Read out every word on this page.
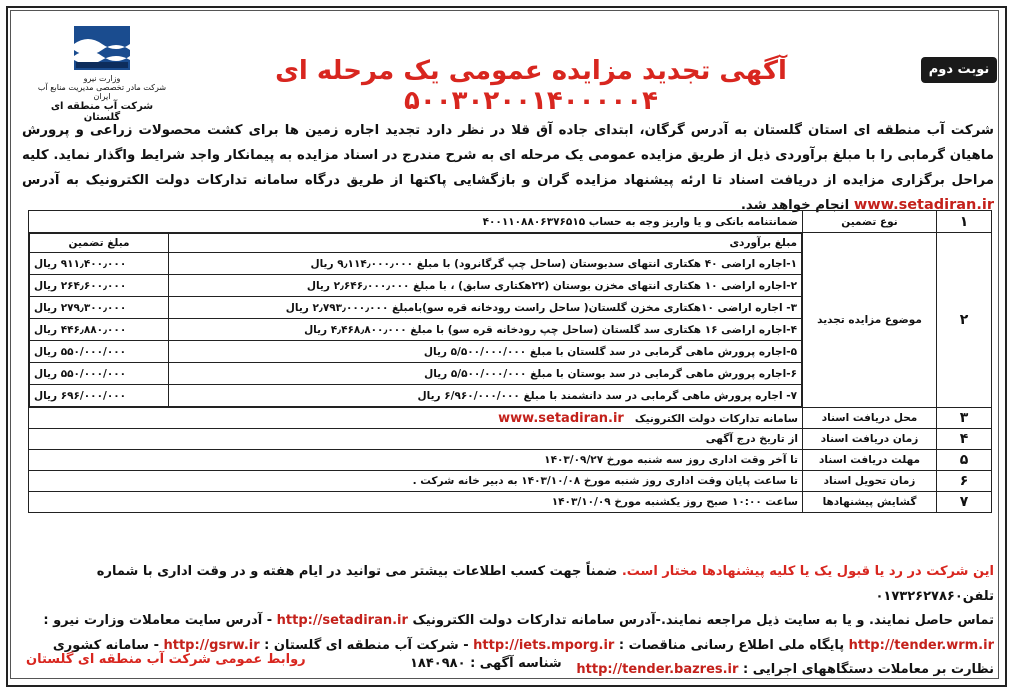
وزارت نیرو
شرکت مادر تخصصی مدیریت منابع آب ایران
شرکت آب منطقه ای گلستان
آگهی تجدید مزایده عمومی یک مرحله ای ۵۰۰۳۰۲۰۰۱۴۰۰۰۰۰۴
نوبت دوم
شرکت آب منطقه ای استان گلستان به آدرس گرگان، ابتدای جاده آق قلا در نظر دارد تجدید اجاره زمین ها برای کشت محصولات زراعی و پرورش ماهیان گرمابی را با مبلغ برآوردی ذیل از طریق مزایده عمومی یک مرحله ای به شرح مندرج در اسناد مزایده به پیمانکار واجد شرایط واگذار نماید. کلیه مراحل برگزاری مزایده از دریافت اسناد تا ارئه پیشنهاد مزایده گران و بازگشایی پاکتها از طریق درگاه سامانه تدارکات دولت الکترونیک به آدرس www.setadiran.ir انجام خواهد شد.
۱	نوع تضمین	ضمانتنامه بانکی و یا واریز وجه به حساب ۴۰۰۱۱۰۸۸۰۶۳۷۶۵۱۵
۲	موضوع مزایده تجدید	
مبلغ برآوردی	مبلغ تضمین
۱-اجاره اراضی ۴۰ هکتاری انتهای سدبوستان (ساحل چپ گرگانرود) با مبلغ ۹٫۱۱۴٫۰۰۰٫۰۰۰ ریال	۹۱۱٫۴۰۰٫۰۰۰ ریال
۲-اجاره اراضی ۱۰ هکتاری انتهای مخزن بوستان (۲۲هکتاری سابق) ، با مبلغ ۲٫۶۴۶٫۰۰۰٫۰۰۰ ریال	۲۶۴٫۶۰۰٫۰۰۰ ریال
۳- اجاره اراضی ۱۰هکتاری مخزن گلستان( ساحل راست رودخانه قره سو)بامبلغ ۲٫۷۹۳٫۰۰۰٫۰۰۰ ریال	۲۷۹٫۳۰۰٫۰۰۰ ریال
۴-اجاره اراضی ۱۶ هکتاری سد گلستان (ساحل چپ رودخانه قره سو) با مبلغ ۴٫۴۶۸٫۸۰۰٫۰۰۰ ریال	۴۴۶٫۸۸۰٫۰۰۰ ریال
۵-اجاره پرورش ماهی گرمابی در سد گلستان با مبلغ ۵/۵۰۰/۰۰۰/۰۰۰ ریال	۵۵۰/۰۰۰/۰۰۰ ریال
۶-اجاره پرورش ماهی گرمابی در سد بوستان با مبلغ ۵/۵۰۰/۰۰۰/۰۰۰ ریال	۵۵۰/۰۰۰/۰۰۰ ریال
۷- اجاره پرورش ماهی گرمابی در سد دانشمند با مبلغ ۶/۹۶۰/۰۰۰/۰۰۰ ریال	۶۹۶/۰۰۰/۰۰۰ ریال

۳	محل دریافت اسناد	سامانه تدارکات دولت الکترونیک   www.setadiran.ir
۴	زمان دریافت اسناد	از تاریخ درج آگهی
۵	مهلت دریافت اسناد	تا آخر وقت اداری روز سه شنبه مورخ ۱۴۰۳/۰۹/۲۷
۶	زمان تحویل اسناد	تا ساعت پایان وقت اداری روز شنبه مورخ ۱۴۰۳/۱۰/۰۸ به دبیر خانه شرکت .
۷	گشایش پیشنهادها	ساعت ۱۰:۰۰ صبح روز یکشنبه مورخ ۱۴۰۳/۱۰/۰۹
این شرکت در رد یا قبول یک یا کلیه پیشنهادها مختار است. ضمناً جهت کسب اطلاعات بیشتر می توانید در ایام هفته و در وقت اداری با شماره تلفن۰۱۷۳۲۶۲۷۸۶۰
تماس حاصل نمایند. و یا به سایت ذیل مراجعه نمایند.-آدرس سامانه تدارکات دولت الکترونیک http://setadiran.ir - آدرس سایت معاملات وزارت نیرو :
http://tender.wrm.ir پایگاه ملی اطلاع رسانی مناقصات : http://iets.mporg.ir - شرکت آب منطقه ای گلستان : http://gsrw.ir - سامانه کشوری
نظارت بر معاملات دستگاههای اجرایی : http://tender.bazres.ir
شناسه آگهی : ۱۸۴۰۹۸۰
روابط عمومی شرکت آب منطقه ای گلستان
